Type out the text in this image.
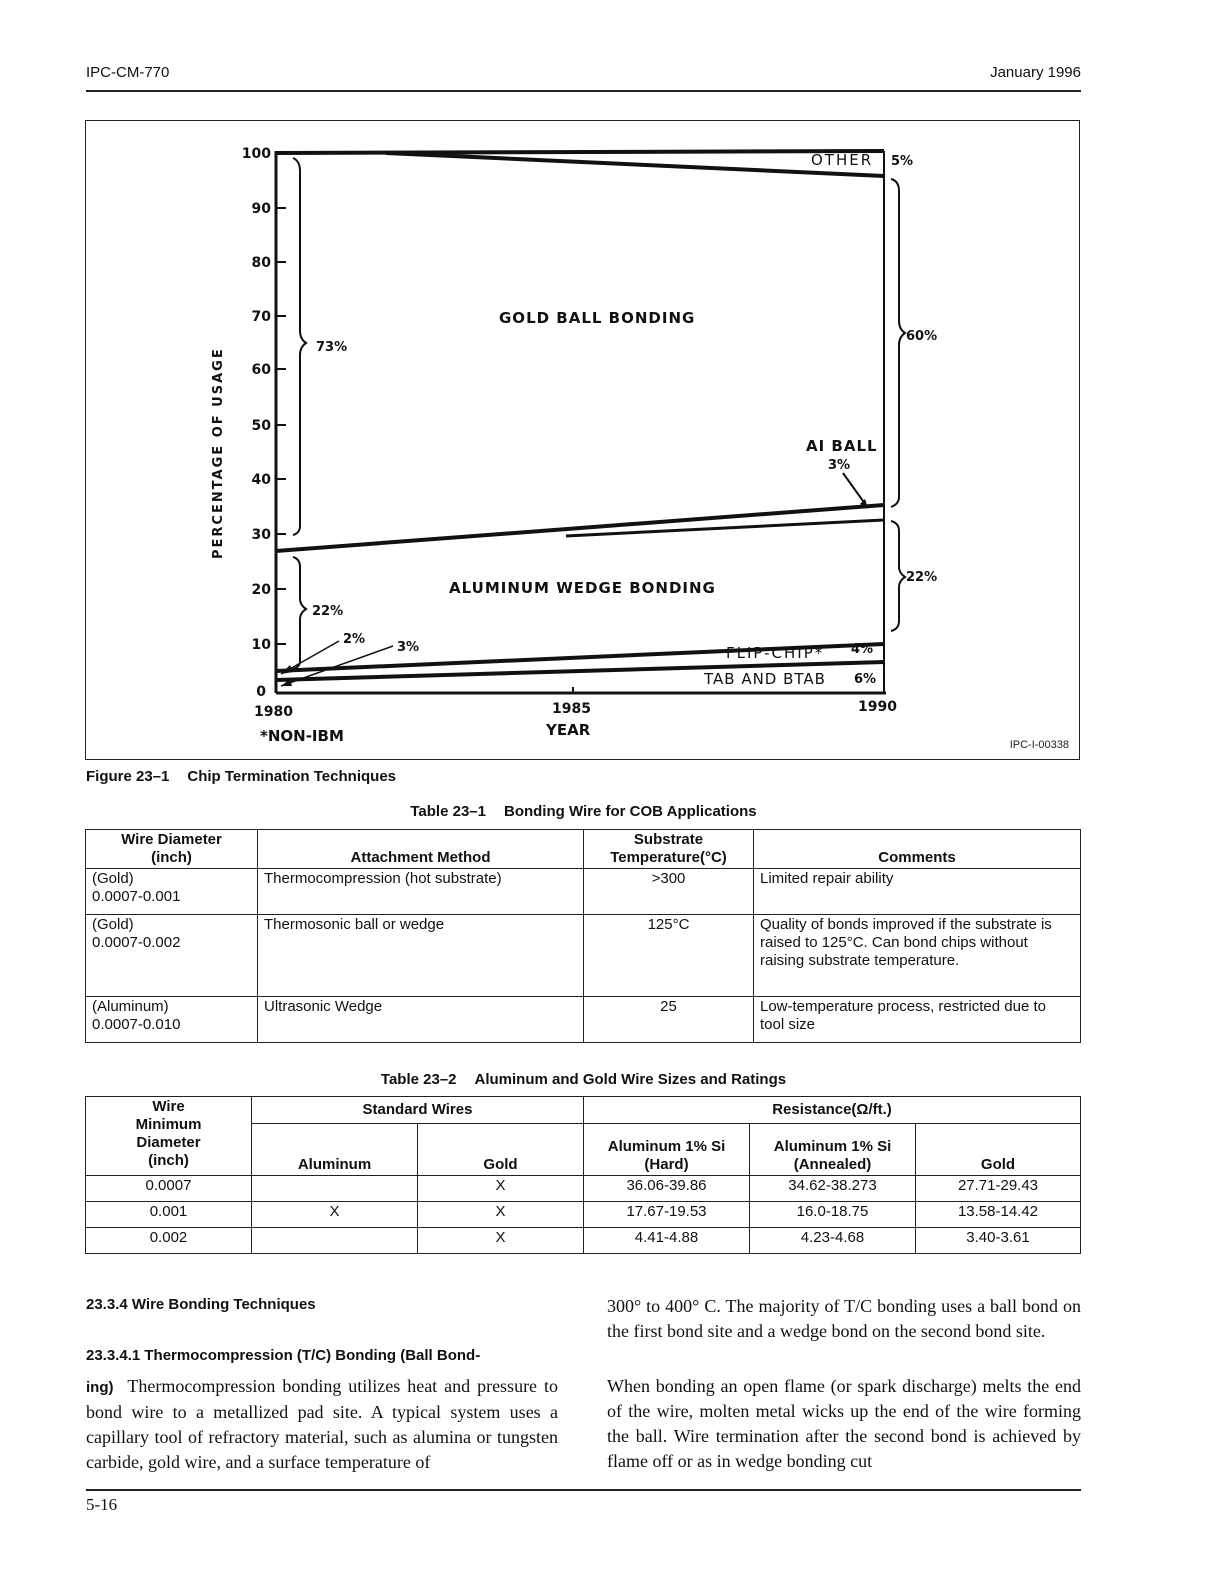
IPC-CM-770	January 1996
100
90
80
70
60
50
40
30
20
10
0
1980	1985	1990
YEAR
*NON-IBM
PERCENTAGE OF USAGE
GOLD BALL BONDING
ALUMINUM WEDGE BONDING
OTHER
AI BALL
3%
FLIP-CHIP* 4%
TAB AND BTAB 6%
5%
73%
60%
22%
22%
2%
3%
IPC-I-00338
Figure 23–1 Chip Termination Techniques
Table 23–1 Bonding Wire for COB Applications
Wire Diameter
(inch)	Attachment Method	
Substrate
Temperature(°C)	Comments

(Gold)
0.0007-0.001	Thermocompression (hot substrate)	>300	Limited repair ability

(Gold)
0.0007-0.002	Thermosonic ball or wedge	125°C	Quality of bonds improved if the substrate is raised to 125°C. Can bond chips without raising substrate temperature.

(Aluminum)
0.0007-0.010	Ultrasonic Wedge	25	Low-temperature process, restricted due to tool size
Table 23–2 Aluminum and Gold Wire Sizes and Ratings
Wire
Minimum
Diameter
(inch)	Standard Wires		Resistance(Ω/ft.)		
Aluminum	Gold	
Aluminum 1% Si
(Hard)

Aluminum 1% Si
(Annealed)	Gold
0.0007		X	36.06-39.86	34.62-38.273	27.71-29.43
0.001	X	X	17.67-19.53	16.0-18.75	13.58-14.42
0.002		X	4.41-4.88	4.23-4.68	3.40-3.61
23.3.4 Wire Bonding Techniques
23.3.4.1 Thermocompression (T/C) Bonding (Ball Bond-
ing) Thermocompression bonding utilizes heat and pressure to bond wire to a metallized pad site. A typical system uses a capillary tool of refractory material, such as alumina or tungsten carbide, gold wire, and a surface temperature of
300° to 400° C. The majority of T/C bonding uses a ball bond on the first bond site and a wedge bond on the second bond site.
When bonding an open flame (or spark discharge) melts the end of the wire, molten metal wicks up the end of the wire forming the ball. Wire termination after the second bond is achieved by flame off or as in wedge bonding cut
5-16
